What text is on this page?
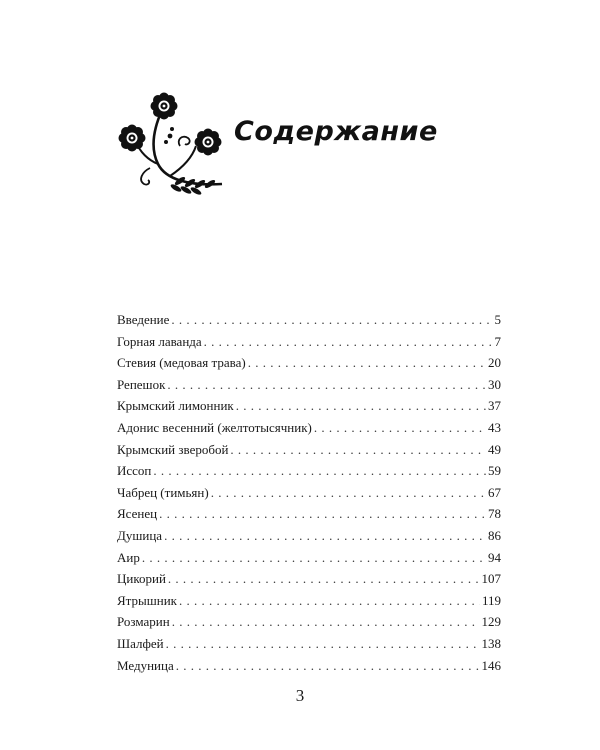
Содержание
Введение . . .	5
Горная лаванда . . .	7
Стевия (медовая трава) . . .	20
Репешок . . .	30
Крымский лимонник . . .	37
Адонис весенний (желтотысячник) . . .	43
Крымский зверобой . . .	49
Иссоп . . .	59
Чабрец (тимьян) . . .	67
Ясенец . . .	78
Душица . . .	86
Аир . . .	94
Цикорий . . .	107
Ятрышник . . .	119
Розмарин . . .	129
Шалфей . . .	138
Медуница . . .	146
3
